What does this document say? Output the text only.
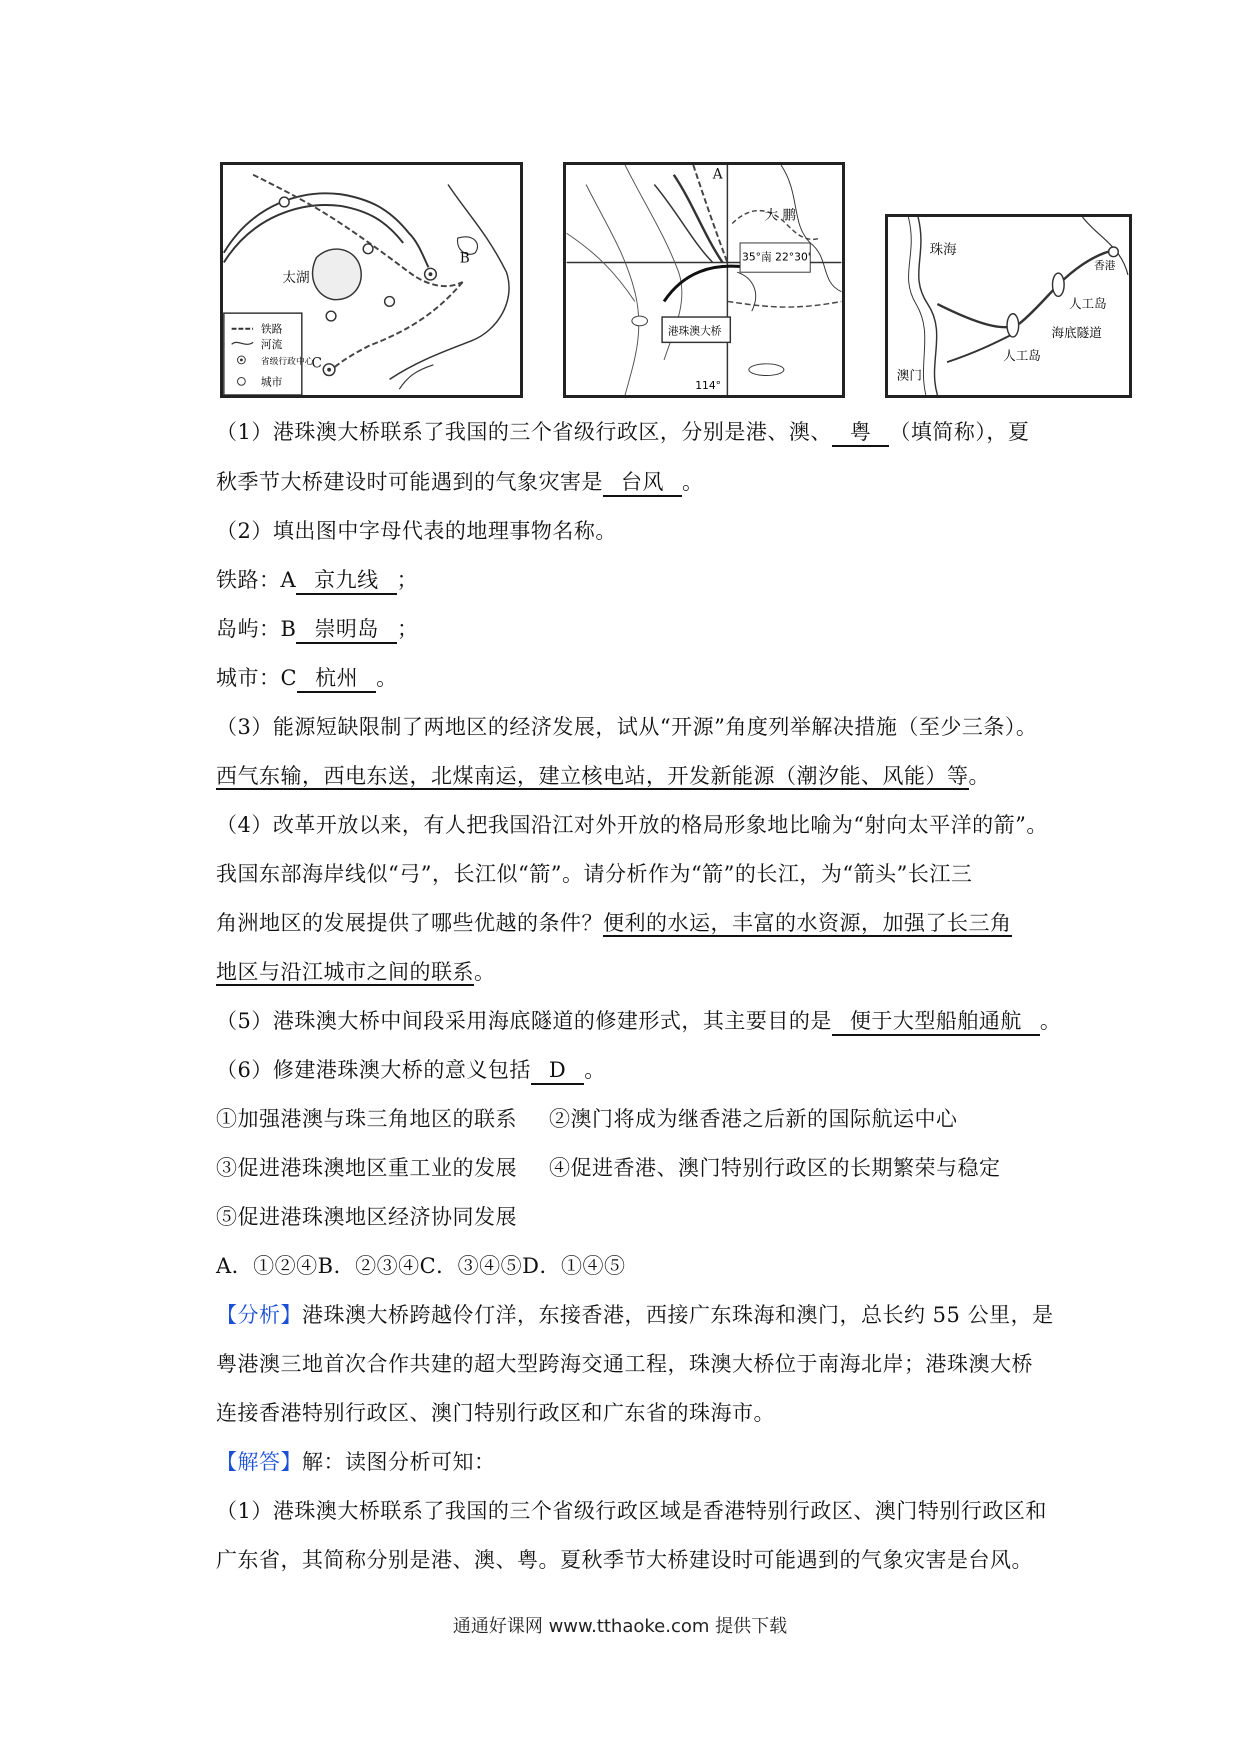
太湖
B
C
铁路
河流
省级行政中心
城市
A
大 鹏
35°南 22°30'
港珠澳大桥
114°
珠海
香港
人工岛
海底隧道
人工岛
澳门
（1）港珠澳大桥联系了我国的三个省级行政区，分别是港、澳、 粤 （填简称），夏
秋季节大桥建设时可能遇到的气象灾害是 台风 。
（2）填出图中字母代表的地理事物名称。
铁路：A 京九线 ；
岛屿：B 崇明岛 ；
城市：C 杭州 。
（3）能源短缺限制了两地区的经济发展，试从“开源”角度列举解决措施（至少三条）。
西气东输，西电东送，北煤南运，建立核电站，开发新能源（潮汐能、风能）等。
（4）改革开放以来，有人把我国沿江对外开放的格局形象地比喻为“射向太平洋的箭”。
我国东部海岸线似“弓”，长江似“箭”。请分析作为“箭”的长江，为“箭头”长江三
角洲地区的发展提供了哪些优越的条件？便利的水运，丰富的水资源，加强了长三角
地区与沿江城市之间的联系。
（5）港珠澳大桥中间段采用海底隧道的修建形式，其主要目的是 便于大型船舶通航 。
（6）修建港珠澳大桥的意义包括 D 。
①加强港澳与珠三角地区的联系 ②澳门将成为继香港之后新的国际航运中心
③促进港珠澳地区重工业的发展 ④促进香港、澳门特别行政区的长期繁荣与稳定
⑤促进港珠澳地区经济协同发展
A．①②④B．②③④C．③④⑤D．①④⑤
【分析】港珠澳大桥跨越伶仃洋，东接香港，西接广东珠海和澳门，总长约 55 公里，是
粤港澳三地首次合作共建的超大型跨海交通工程，珠澳大桥位于南海北岸；港珠澳大桥
连接香港特别行政区、澳门特别行政区和广东省的珠海市。
【解答】解：读图分析可知：
（1）港珠澳大桥联系了我国的三个省级行政区域是香港特别行政区、澳门特别行政区和
广东省，其简称分别是港、澳、粤。夏秋季节大桥建设时可能遇到的气象灾害是台风。
通通好课网 www.tthaoke.com 提供下载
